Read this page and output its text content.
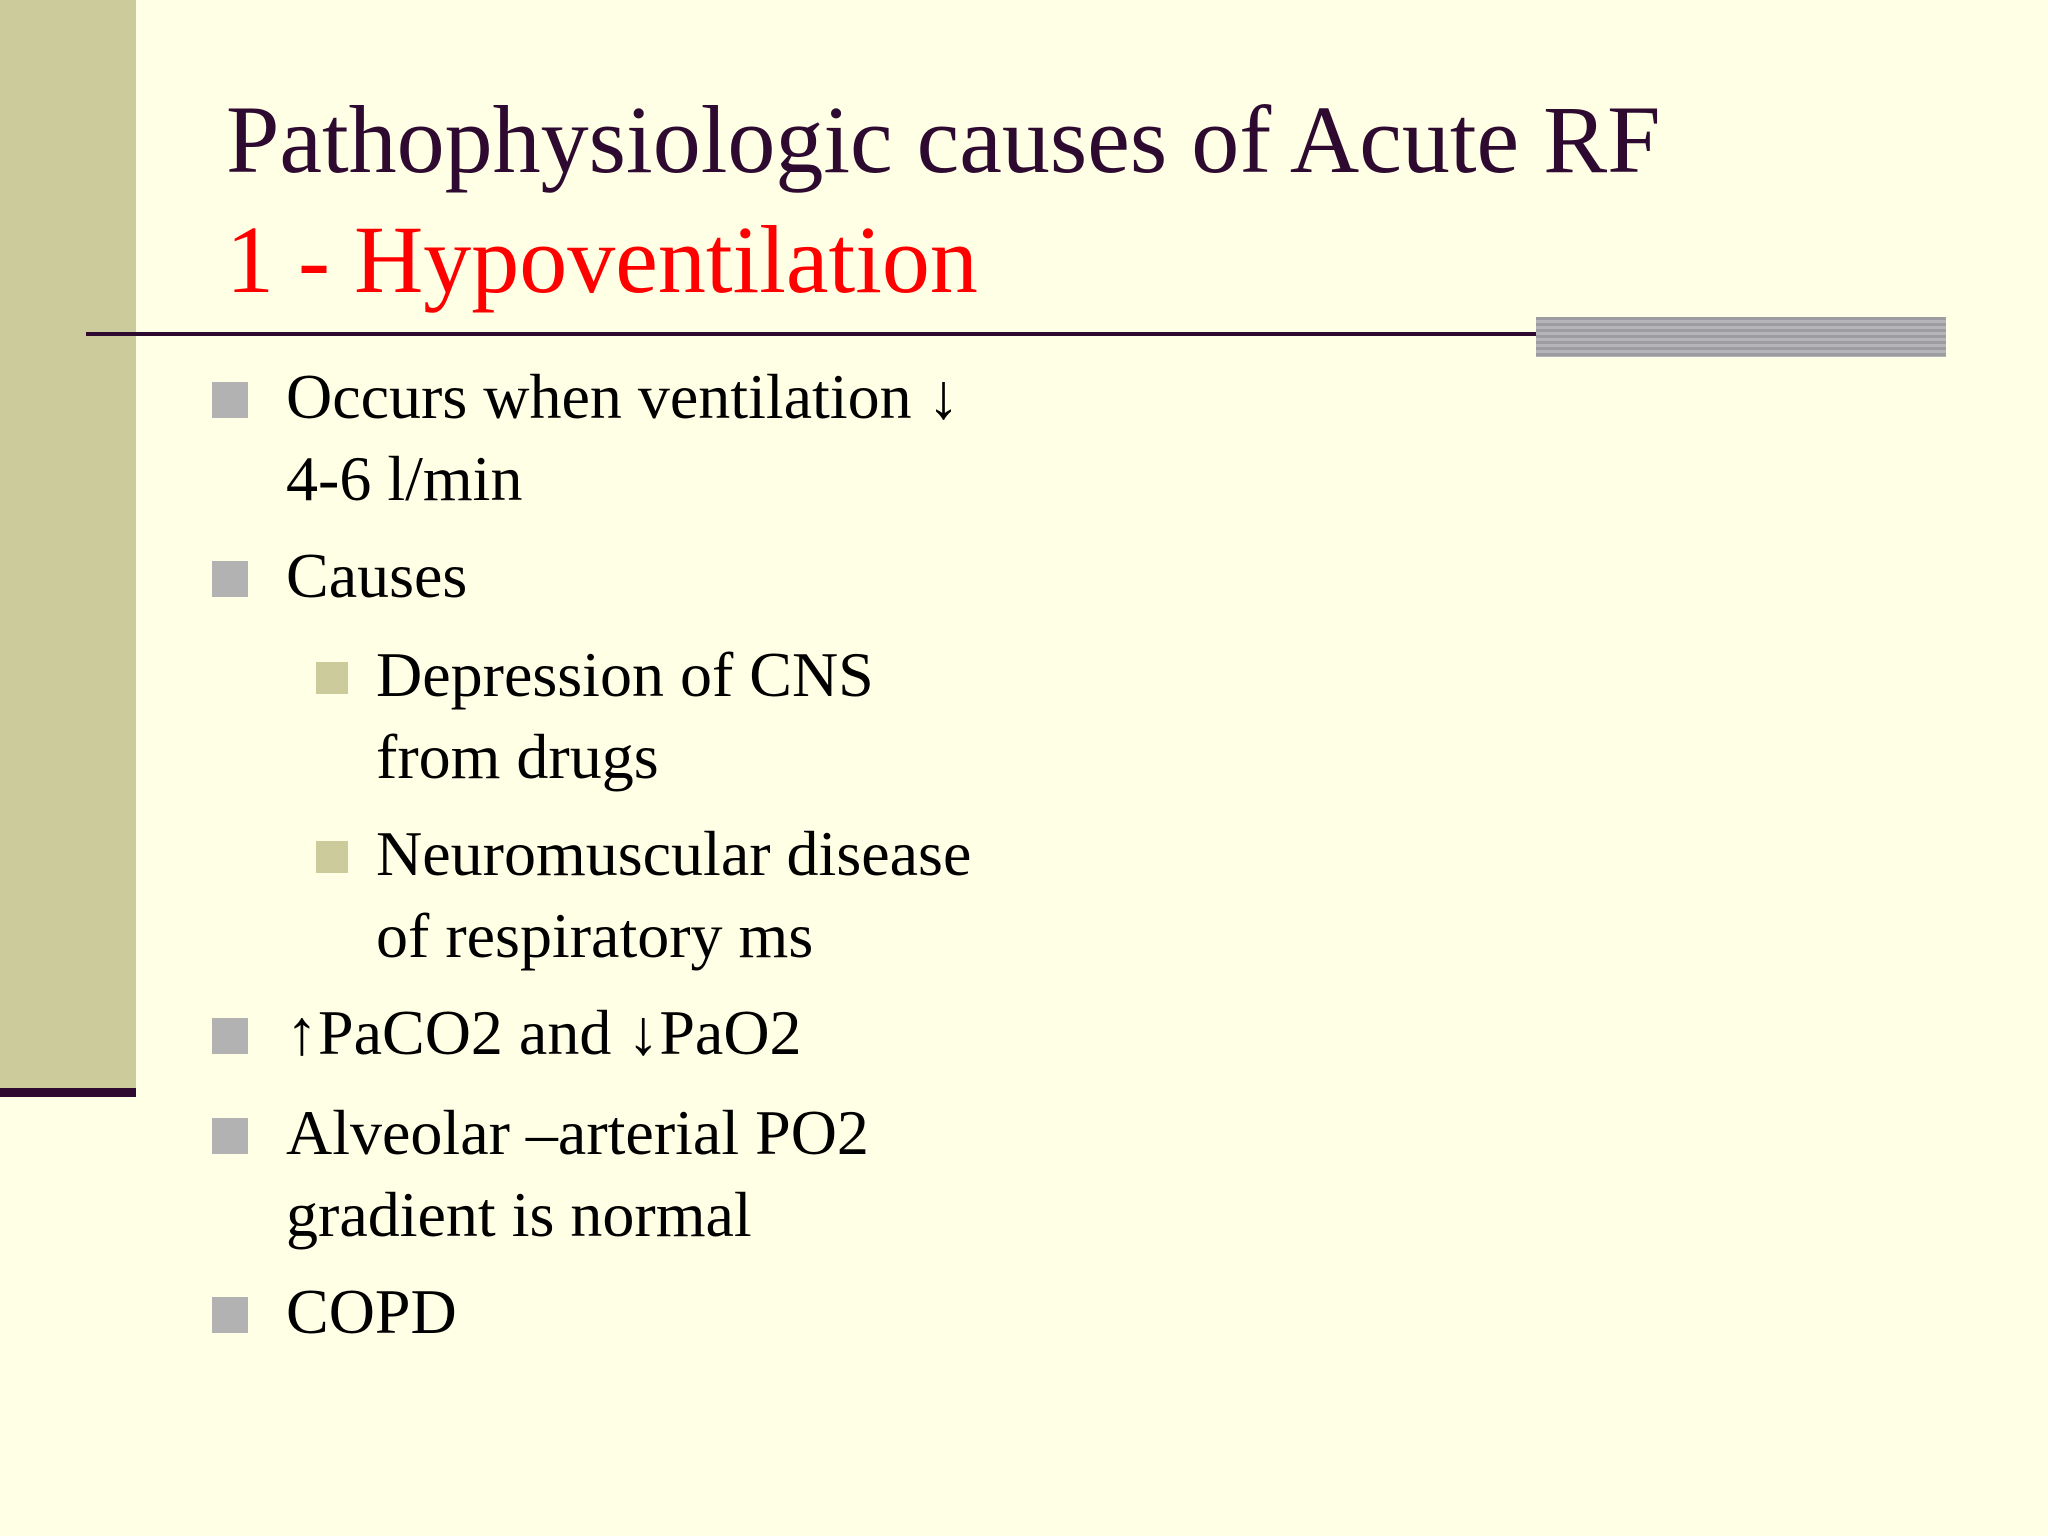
Pathophysiologic causes of Acute RF
1 - Hypoventilation
Occurs when ventilation ↓
4-6 l/min
Causes
Depression of CNS
from drugs
Neuromuscular disease
of respiratory ms
↑PaCO2 and ↓PaO2
Alveolar –arterial PO2
gradient is normal
COPD
